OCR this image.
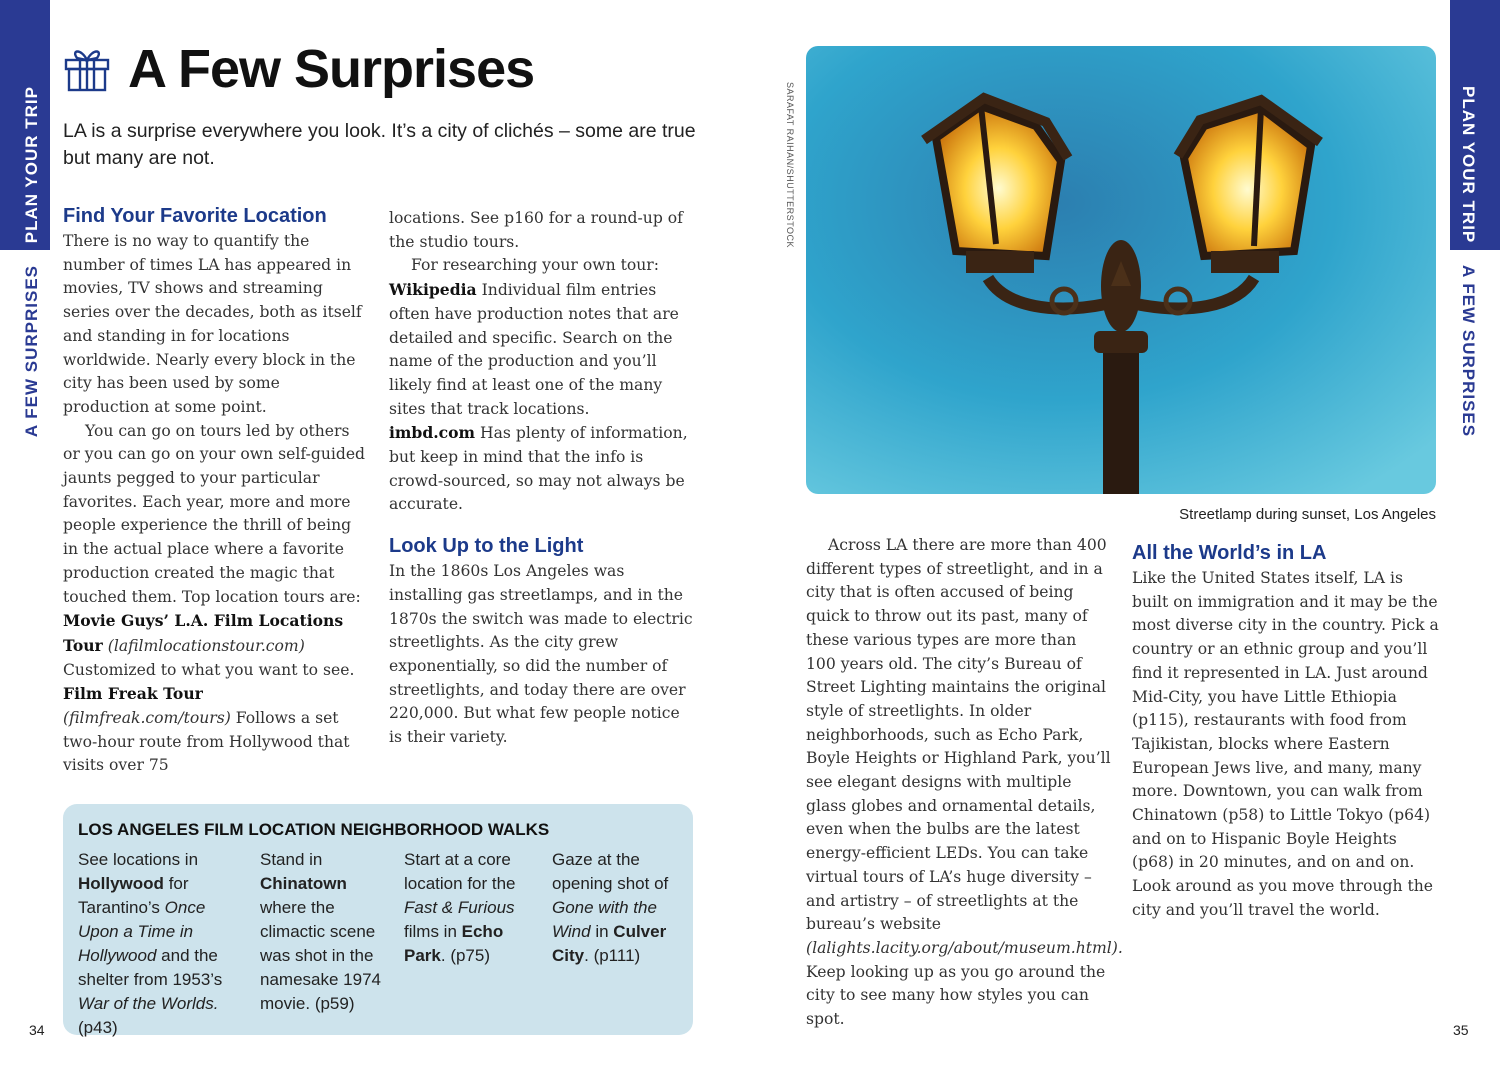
PLAN YOUR TRIP
A FEW SURPRISES
PLAN YOUR TRIP
A FEW SURPRISES
A Few Surprises
LA is a surprise everywhere you look. It’s a city of clichés – some are true but many are not.
Find Your Favorite Location

There is no way to quantify the number of times LA has appeared in movies, TV shows and streaming series over the decades, both as itself and standing in for locations worldwide. Nearly every block in the city has been used by some production at some point.

You can go on tours led by others or you can go on your own self-guided jaunts pegged to your particular favorites. Each year, more and more people experience the thrill of being in the actual place where a favorite production created the magic that touched them. Top location tours are:

Movie Guys’ L.A. Film Locations Tour (lafilmlocationstour.com) Customized to what you want to see.

Film Freak Tour (filmfreak.com/tours) Follows a set two-hour route from Hollywood that visits over 75

locations. See p160 for a round-up of the studio tours.

For researching your own tour:

Wikipedia Individual film entries often have production notes that are detailed and specific. Search on the name of the production and you’ll likely find at least one of the many sites that track locations.

imbd.com Has plenty of information, but keep in mind that the info is crowd-sourced, so may not always be accurate.

Look Up to the Light

In the 1860s Los Angeles was installing gas streetlamps, and in the 1870s the switch was made to electric streetlights. As the city grew exponentially, so did the number of streetlights, and today there are over 220,000. But what few people notice is their variety.

LOS ANGELES FILM LOCATION NEIGHBORHOOD WALKS
See locations in Hollywood for Tarantino’s Once Upon a Time in Hollywood and the shelter from 1953’s War of the Worlds. (p43)
Stand in Chinatown where the climactic scene was shot in the namesake 1974 movie. (p59)
Start at a core location for the Fast & Furious films in Echo Park. (p75)
Gaze at the opening shot of Gone with the Wind in Culver City. (p111)
SARAFAT RAIHAN/SHUTTERSTOCK
Streetlamp during sunset, Los Angeles

Across LA there are more than 400 different types of streetlight, and in a city that is often accused of being quick to throw out its past, many of these various types are more than 100 years old. The city’s Bureau of Street Lighting maintains the original style of streetlights. In older neighborhoods, such as Echo Park, Boyle Heights or Highland Park, you’ll see elegant designs with multiple glass globes and ornamental details, even when the bulbs are the latest energy-efficient LEDs. You can take virtual tours of LA’s huge diversity – and artistry – of streetlights at the bureau’s website (lalights.lacity.org/about/museum.html). Keep looking up as you go around the city to see many how styles you can spot.

All the World’s in LA

Like the United States itself, LA is built on immigration and it may be the most diverse city in the country. Pick a country or an ethnic group and you’ll find it represented in LA. Just around Mid-City, you have Little Ethiopia (p115), restaurants with food from Tajikistan, blocks where Eastern European Jews live, and many, many more. Downtown, you can walk from Chinatown (p58) to Little Tokyo (p64) and on to Hispanic Boyle Heights (p68) in 20 minutes, and on and on. Look around as you move through the city and you’ll travel the world.

34	35
